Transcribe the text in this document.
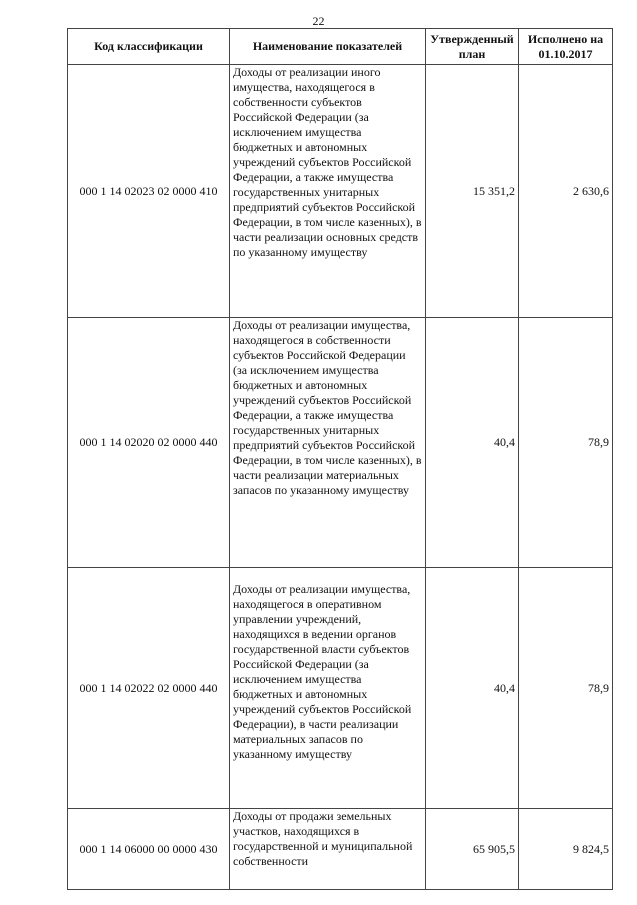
22
Код классификации	Наименование показателей	Утвержденный план	Исполнено на 01.10.2017
000 1 14 02023 02 0000 410	Доходы от реализации иного имущества, находящегося в собственности субъектов Российской Федерации (за исключением имущества бюджетных и автономных учреждений субъектов Российской Федерации, а также имущества государственных унитарных предприятий субъектов Российской Федерации, в том числе казенных), в части реализации основных средств по указанному имуществу	15 351,2	2 630,6
000 1 14 02020 02 0000 440	Доходы от реализации имущества, находящегося в собственности субъектов Российской Федерации (за исключением имущества бюджетных и автономных учреждений субъектов Российской Федерации, а также имущества государственных унитарных предприятий субъектов Российской Федерации, в том числе казенных), в части реализации материальных запасов по указанному имуществу	40,4	78,9
000 1 14 02022 02 0000 440	Доходы от реализации имущества, находящегося в оперативном управлении учреждений, находящихся в ведении органов государственной власти субъектов Российской Федерации (за исключением имущества бюджетных и автономных учреждений субъектов Российской Федерации), в части реализации материальных запасов по указанному имуществу	40,4	78,9
000 1 14 06000 00 0000 430	Доходы от продажи земельных участков, находящихся в государственной и муниципальной собственности	65 905,5	9 824,5
